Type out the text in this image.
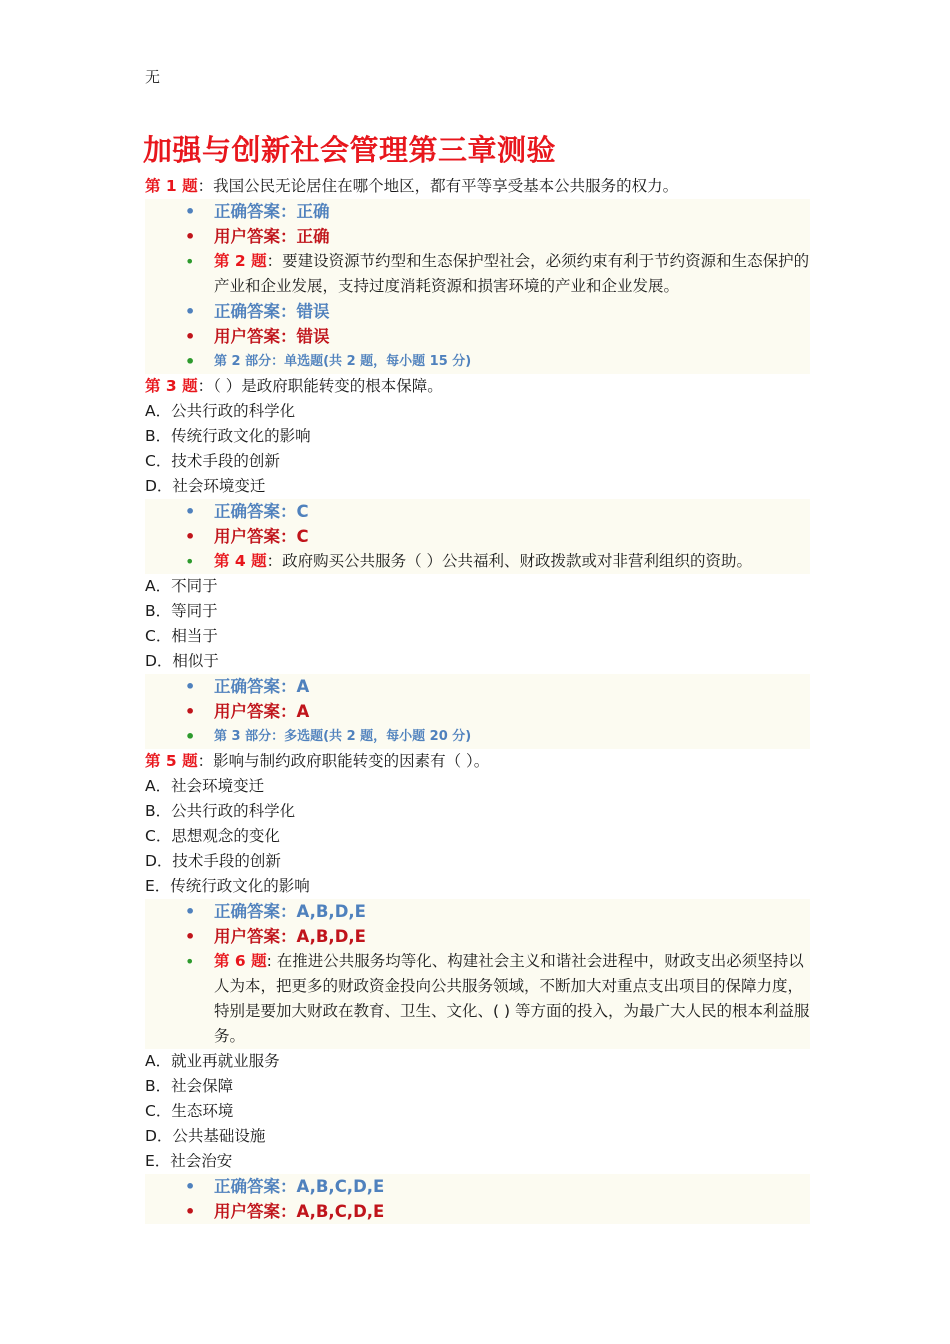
无
加强与创新社会管理第三章测验
第 1 题：我国公民无论居住在哪个地区，都有平等享受基本公共服务的权力。
• 正确答案：正确
• 用户答案：正确
• 第 2 题：要建设资源节约型和生态保护型社会，必须约束有利于节约资源和生态保护的产业和企业发展，支持过度消耗资源和损害环境的产业和企业发展。
• 正确答案：错误
• 用户答案：错误
• 第 2 部分：单选题(共 2 题，每小题 15 分)
第 3 题：（ ）是政府职能转变的根本保障。
A．公共行政的科学化
B．传统行政文化的影响
C．技术手段的创新
D．社会环境变迁
• 正确答案：C
• 用户答案：C
• 第 4 题：政府购买公共服务（ ）公共福利、财政拨款或对非营利组织的资助。
A．不同于
B．等同于
C．相当于
D．相似于
• 正确答案：A
• 用户答案：A
• 第 3 部分：多选题(共 2 题，每小题 20 分)
第 5 题：影响与制约政府职能转变的因素有（ ）。
A．社会环境变迁
B．公共行政的科学化
C．思想观念的变化
D．技术手段的创新
E．传统行政文化的影响
• 正确答案：A,B,D,E
• 用户答案：A,B,D,E
• 第 6 题: 在推进公共服务均等化、构建社会主义和谐社会进程中，财政支出必须坚持以人为本，把更多的财政资金投向公共服务领域，不断加大对重点支出项目的保障力度，特别是要加大财政在教育、卫生、文化、( ) 等方面的投入，为最广大人民的根本利益服务。
A．就业再就业服务
B．社会保障
C．生态环境
D．公共基础设施
E．社会治安
• 正确答案：A,B,C,D,E
• 用户答案：A,B,C,D,E
